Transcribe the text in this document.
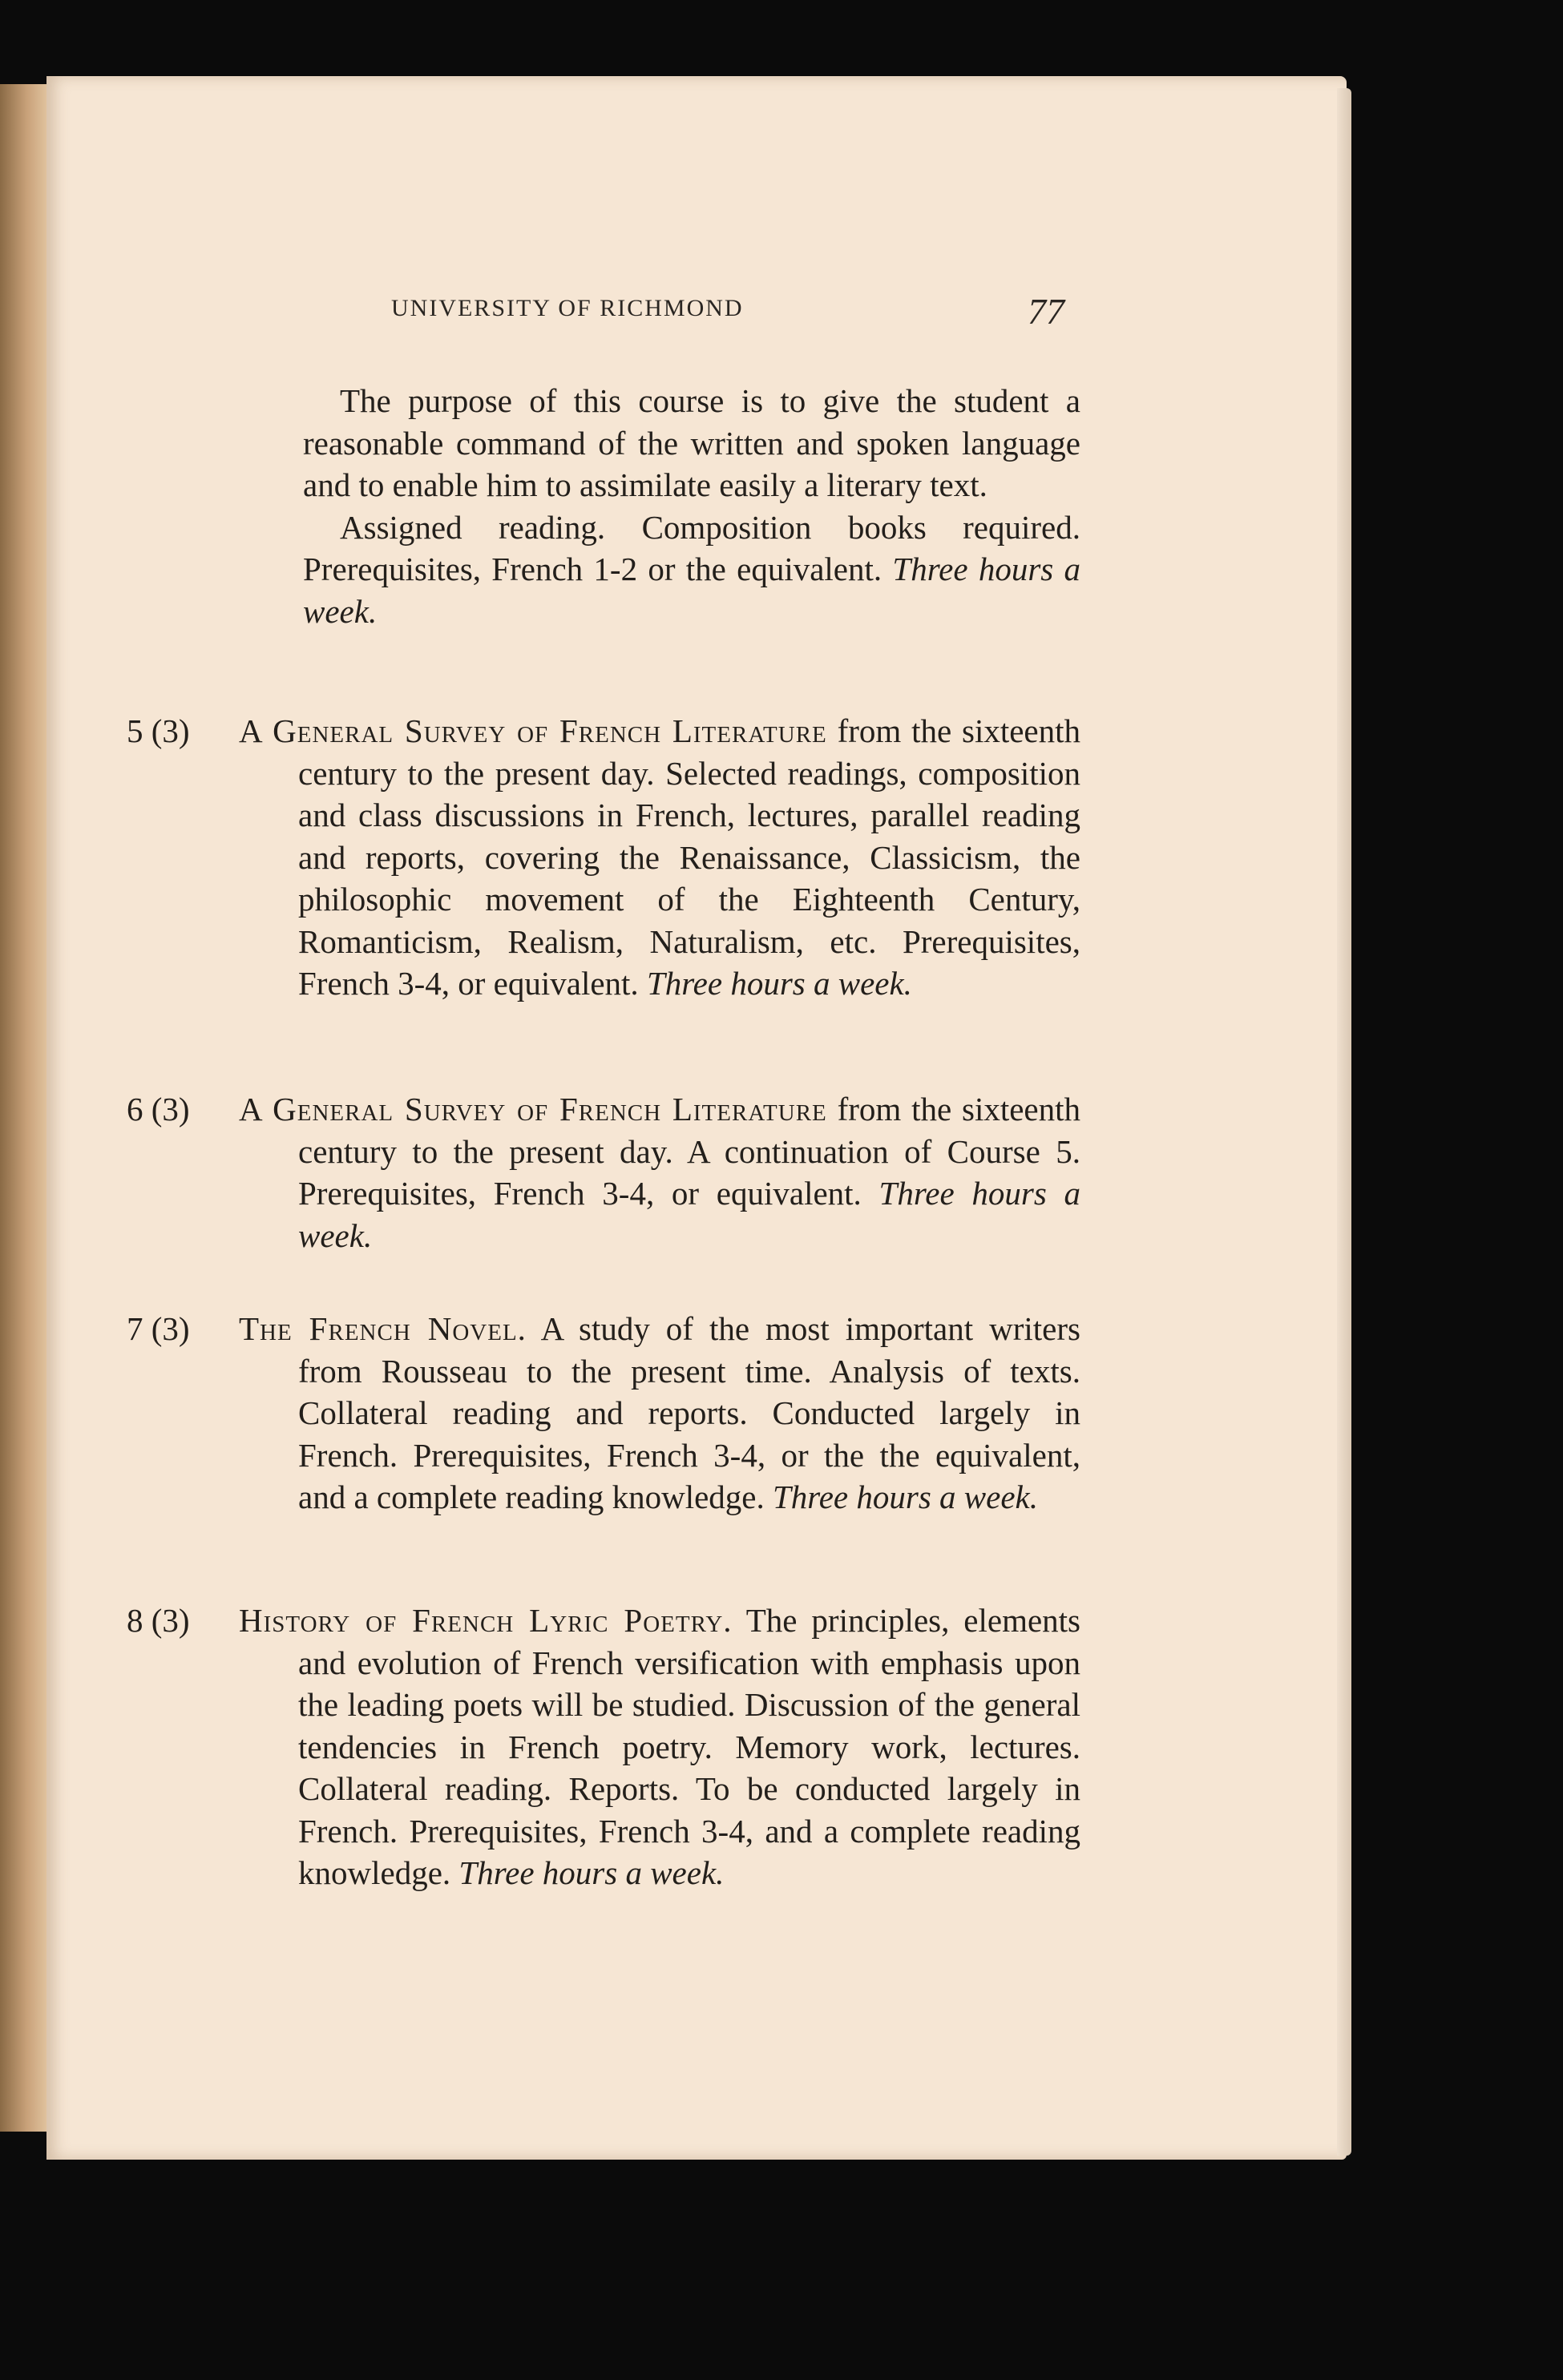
UNIVERSITY OF RICHMOND	77

The purpose of this course is to give the student a reasonable command of the written and spoken language and to enable him to assimilate easily a literary text.

Assigned reading. Composition books required. Prerequisites, French 1-2 or the equivalent. Three hours a week.

5 (3)	A General Survey of French Literature from the sixteenth century to the present day. Selected readings, composition and class discussions in French, lectures, parallel reading and reports, covering the Renaissance, Classicism, the philosophic movement of the Eighteenth Century, Romanticism, Realism, Naturalism, etc. Prerequisites, French 3-4, or equivalent. Three hours a week.

6 (3)	A General Survey of French Literature from the sixteenth century to the present day. A continuation of Course 5. Prerequisites, French 3-4, or equivalent. Three hours a week.

7 (3)	The French Novel. A study of the most important writers from Rousseau to the present time. Analysis of texts. Collateral reading and reports. Conducted largely in French. Prerequisites, French 3-4, or the the equivalent, and a complete reading knowledge. Three hours a week.

8 (3)	History of French Lyric Poetry. The principles, elements and evolution of French versification with emphasis upon the leading poets will be studied. Discussion of the general tendencies in French poetry. Memory work, lectures. Collateral reading. Reports. To be conducted largely in French. Prerequisites, French 3-4, and a complete reading knowledge. Three hours a week.
